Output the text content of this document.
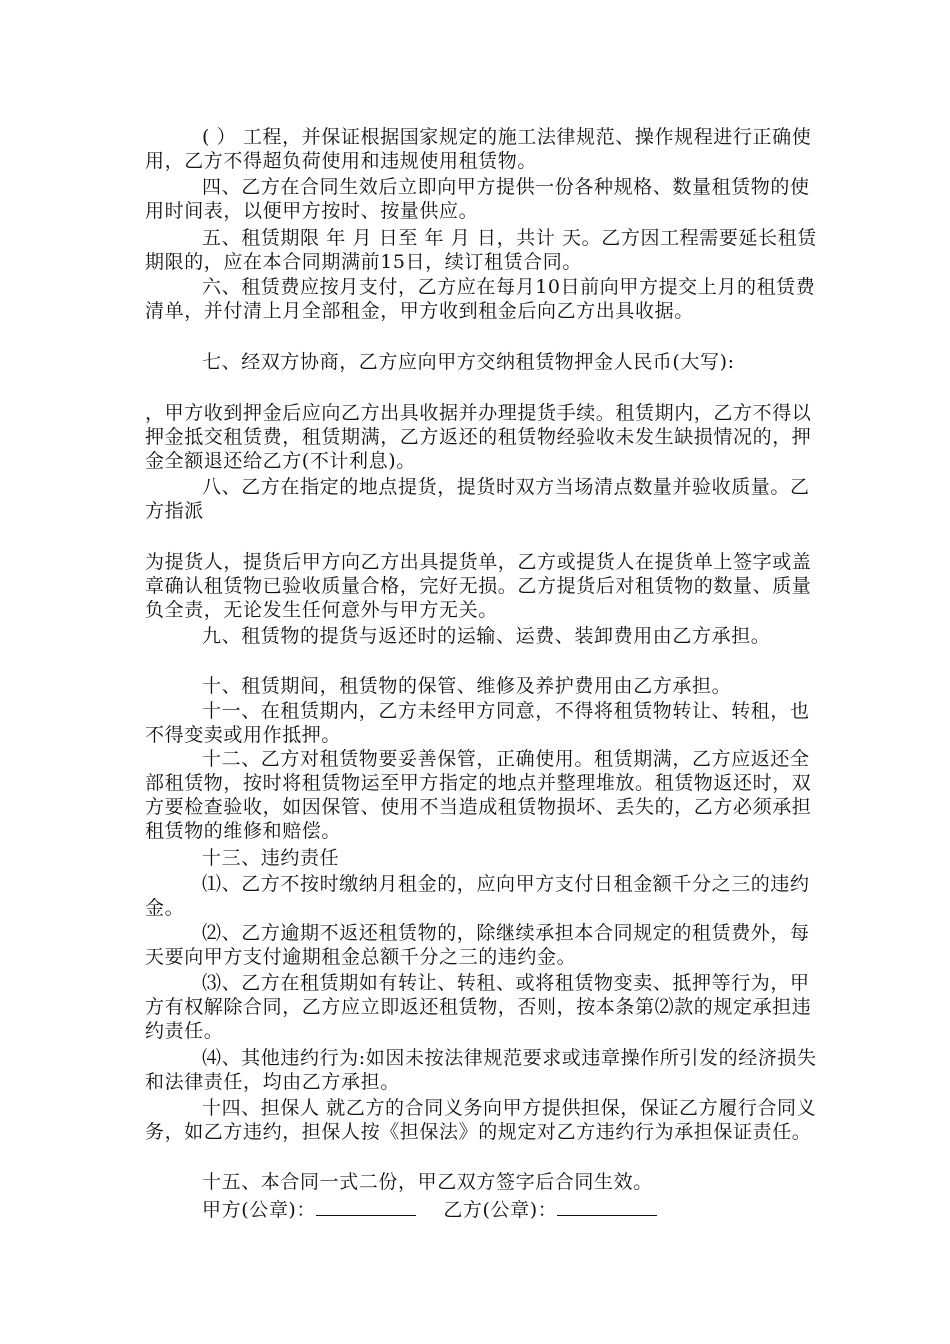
( ） 工程，并保证根据国家规定的施工法律规范、操作规程进行正确使用，乙方不得超负荷使用和违规使用租赁物。

四、乙方在合同生效后立即向甲方提供一份各种规格、数量租赁物的使用时间表，以便甲方按时、按量供应。

五、租赁期限 年 月 日至 年 月 日，共计 天。乙方因工程需要延长租赁期限的，应在本合同期满前15日，续订租赁合同。

六、租赁费应按月支付，乙方应在每月10日前向甲方提交上月的租赁费清单，并付清上月全部租金，甲方收到租金后向乙方出具收据。

七、经双方协商，乙方应向甲方交纳租赁物押金人民币(大写):

，甲方收到押金后应向乙方出具收据并办理提货手续。租赁期内，乙方不得以押金抵交租赁费，租赁期满，乙方返还的租赁物经验收未发生缺损情况的，押金全额退还给乙方(不计利息)。

八、乙方在指定的地点提货，提货时双方当场清点数量并验收质量。乙方指派

为提货人，提货后甲方向乙方出具提货单，乙方或提货人在提货单上签字或盖章确认租赁物已验收质量合格，完好无损。乙方提货后对租赁物的数量、质量负全责，无论发生任何意外与甲方无关。

九、租赁物的提货与返还时的运输、运费、装卸费用由乙方承担。

十、租赁期间，租赁物的保管、维修及养护费用由乙方承担。

十一、在租赁期内，乙方未经甲方同意，不得将租赁物转让、转租，也不得变卖或用作抵押。

十二、乙方对租赁物要妥善保管，正确使用。租赁期满，乙方应返还全部租赁物，按时将租赁物运至甲方指定的地点并整理堆放。租赁物返还时，双方要检查验收，如因保管、使用不当造成租赁物损坏、丢失的，乙方必须承担租赁物的维修和赔偿。

十三、违约责任

⑴、乙方不按时缴纳月租金的，应向甲方支付日租金额千分之三的违约金。

⑵、乙方逾期不返还租赁物的，除继续承担本合同规定的租赁费外，每天要向甲方支付逾期租金总额千分之三的违约金。

⑶、乙方在租赁期如有转让、转租、或将租赁物变卖、抵押等行为，甲方有权解除合同，乙方应立即返还租赁物，否则，按本条第⑵款的规定承担违约责任。

⑷、其他违约行为:如因未按法律规范要求或违章操作所引发的经济损失和法律责任，均由乙方承担。

十四、担保人 就乙方的合同义务向甲方提供担保，保证乙方履行合同义务，如乙方违约，担保人按《担保法》的规定对乙方违约行为承担保证责任。

十五、本合同一式二份，甲乙双方签字后合同生效。

甲方(公章)：	乙方(公章)：
